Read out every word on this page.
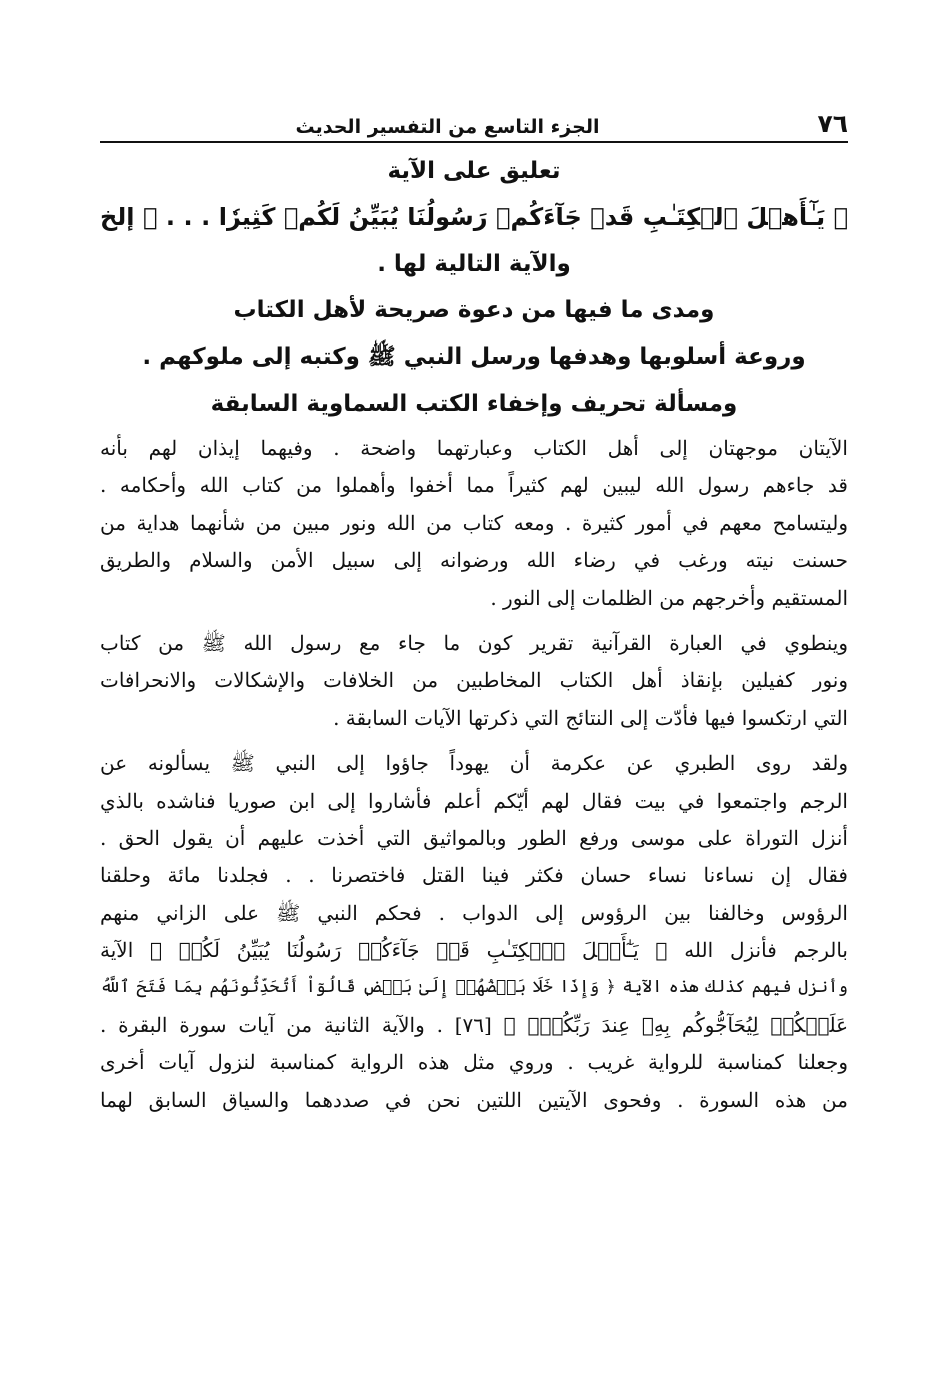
٧٦
الجزء التاسع من التفسير الحديث
تعليق على الآية
﴿ يَـٰٓأَهۡلَ ٱلۡكِتَـٰبِ قَدۡ جَآءَكُمۡ رَسُولُنَا يُبَيِّنُ لَكُمۡ كَثِيرٗا . . . ﴾ إلخ
والآية التالية لها .
ومدى ما فيها من دعوة صريحة لأهل الكتاب
وروعة أسلوبها وهدفها ورسل النبي ﷺ وكتبه إلى ملوكهم .
ومسألة تحريف وإخفاء الكتب السماوية السابقة
الآيتان موجهتان إلى أهل الكتاب وعبارتهما واضحة . وفيهما إيذان لهم بأنه
قد جاءهم رسول الله ليبين لهم كثيراً مما أخفوا وأهملوا من كتاب الله وأحكامه .
وليتسامح معهم في أمور كثيرة . ومعه كتاب من الله ونور مبين من شأنهما هداية من
حسنت نيته ورغب في رضاء الله ورضوانه إلى سبيل الأمن والسلام والطريق
المستقيم وأخرجهم من الظلمات إلى النور .
وينطوي في العبارة القرآنية تقرير كون ما جاء مع رسول الله ﷺ من كتاب
ونور كفيلين بإنقاذ أهل الكتاب المخاطبين من الخلافات والإشكالات والانحرافات
التي ارتكسوا فيها فأدّت إلى النتائج التي ذكرتها الآيات السابقة .
ولقد روى الطبري عن عكرمة أن يهوداً جاؤوا إلى النبي ﷺ يسألونه عن
الرجم واجتمعوا في بيت فقال لهم أيّكم أعلم فأشاروا إلى ابن صوريا فناشده بالذي
أنزل التوراة على موسى ورفع الطور وبالمواثيق التي أخذت عليهم أن يقول الحق .
فقال إن نساءنا نساء حسان فكثر فينا القتل فاختصرنا . . فجلدنا مائة وحلقنا
الرؤوس وخالفنا بين الرؤوس إلى الدواب . فحكم النبي ﷺ على الزاني منهم
بالرجم فأنزل الله ﴿ يَـٰٓأَهۡلَ ٱلۡكِتَـٰبِ قَدۡ جَآءَكُمۡ رَسُولُنَا يُبَيِّنُ لَكُمۡ ﴾ الآية
وأنزل فيهم كذلك هذه الآية ﴿ وَإِذَا خَلَا بَعۡضُهُمۡ إِلَىٰ بَعۡضٖ قَالُوٓاْ أَتُحَدِّثُونَهُم بِمَا فَتَحَ ٱللَّهُ
عَلَيۡكُمۡ لِيُحَآجُّوكُم بِهِۦ عِندَ رَبِّكُمۡۚ ﴾ [٧٦] . والآية الثانية من آيات سورة البقرة .
وجعلنا كمناسبة للرواية غريب . وروي مثل هذه الرواية كمناسبة لنزول آيات أخرى
من هذه السورة . وفحوى الآيتين اللتين نحن في صددهما والسياق السابق لهما
